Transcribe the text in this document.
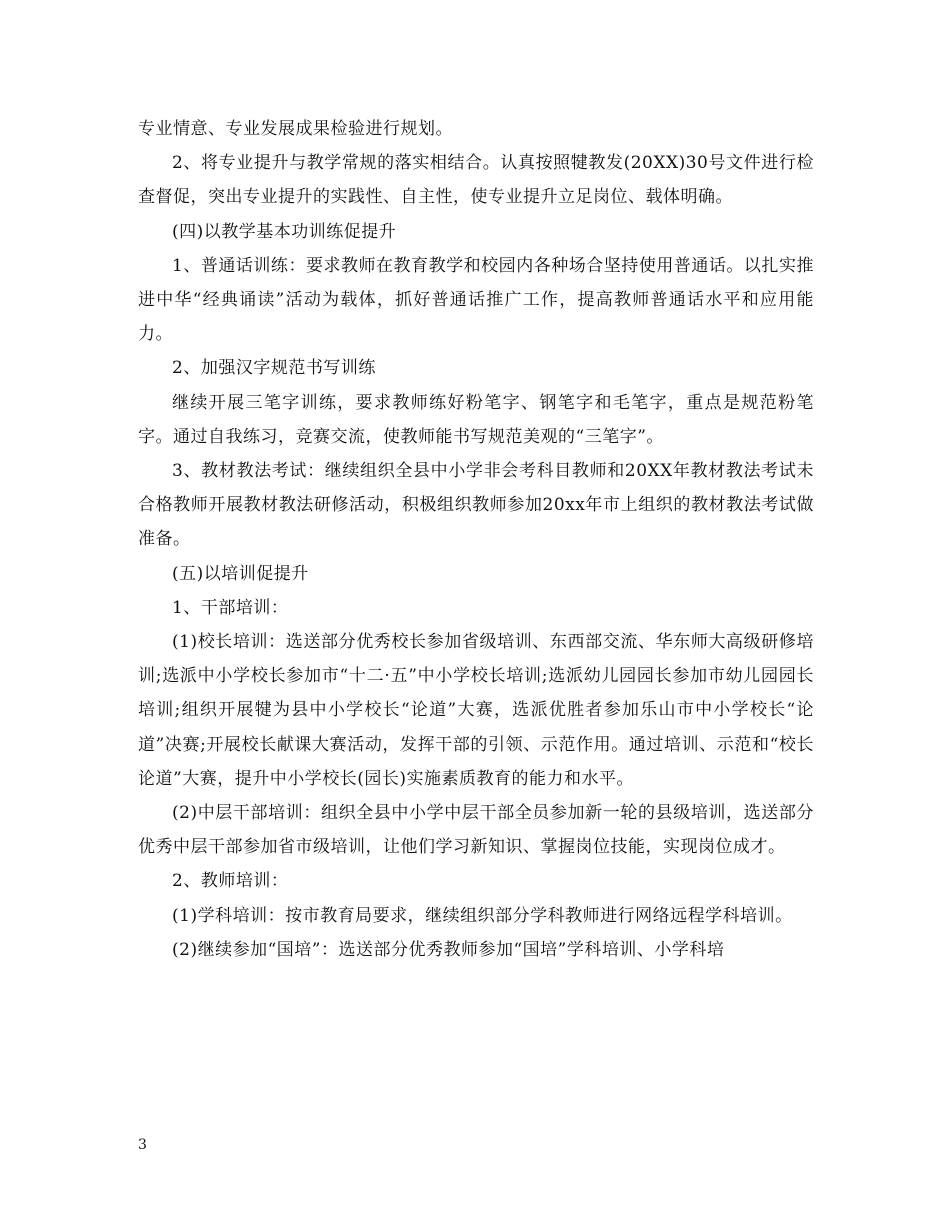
专业情意、专业发展成果检验进行规划。

2、将专业提升与教学常规的落实相结合。认真按照犍教发(20XX)30号文件进行检查督促，突出专业提升的实践性、自主性，使专业提升立足岗位、载体明确。

(四)以教学基本功训练促提升

1、普通话训练：要求教师在教育教学和校园内各种场合坚持使用普通话。以扎实推进中华“经典诵读”活动为载体，抓好普通话推广工作，提高教师普通话水平和应用能力。

2、加强汉字规范书写训练

继续开展三笔字训练，要求教师练好粉笔字、钢笔字和毛笔字，重点是规范粉笔字。通过自我练习，竞赛交流，使教师能书写规范美观的“三笔字”。

3、教材教法考试：继续组织全县中小学非会考科目教师和20XX年教材教法考试未合格教师开展教材教法研修活动，积极组织教师参加20xx年市上组织的教材教法考试做准备。

(五)以培训促提升

1、干部培训：

(1)校长培训：选送部分优秀校长参加省级培训、东西部交流、华东师大高级研修培训;选派中小学校长参加市“十二·五”中小学校长培训;选派幼儿园园长参加市幼儿园园长培训;组织开展犍为县中小学校长“论道”大赛，选派优胜者参加乐山市中小学校长“论道”决赛;开展校长献课大赛活动，发挥干部的引领、示范作用。通过培训、示范和“校长论道”大赛，提升中小学校长(园长)实施素质教育的能力和水平。

(2)中层干部培训：组织全县中小学中层干部全员参加新一轮的县级培训，选送部分优秀中层干部参加省市级培训，让他们学习新知识、掌握岗位技能，实现岗位成才。

2、教师培训：

(1)学科培训：按市教育局要求，继续组织部分学科教师进行网络远程学科培训。

(2)继续参加“国培”：选送部分优秀教师参加“国培”学科培训、小学科培

3
